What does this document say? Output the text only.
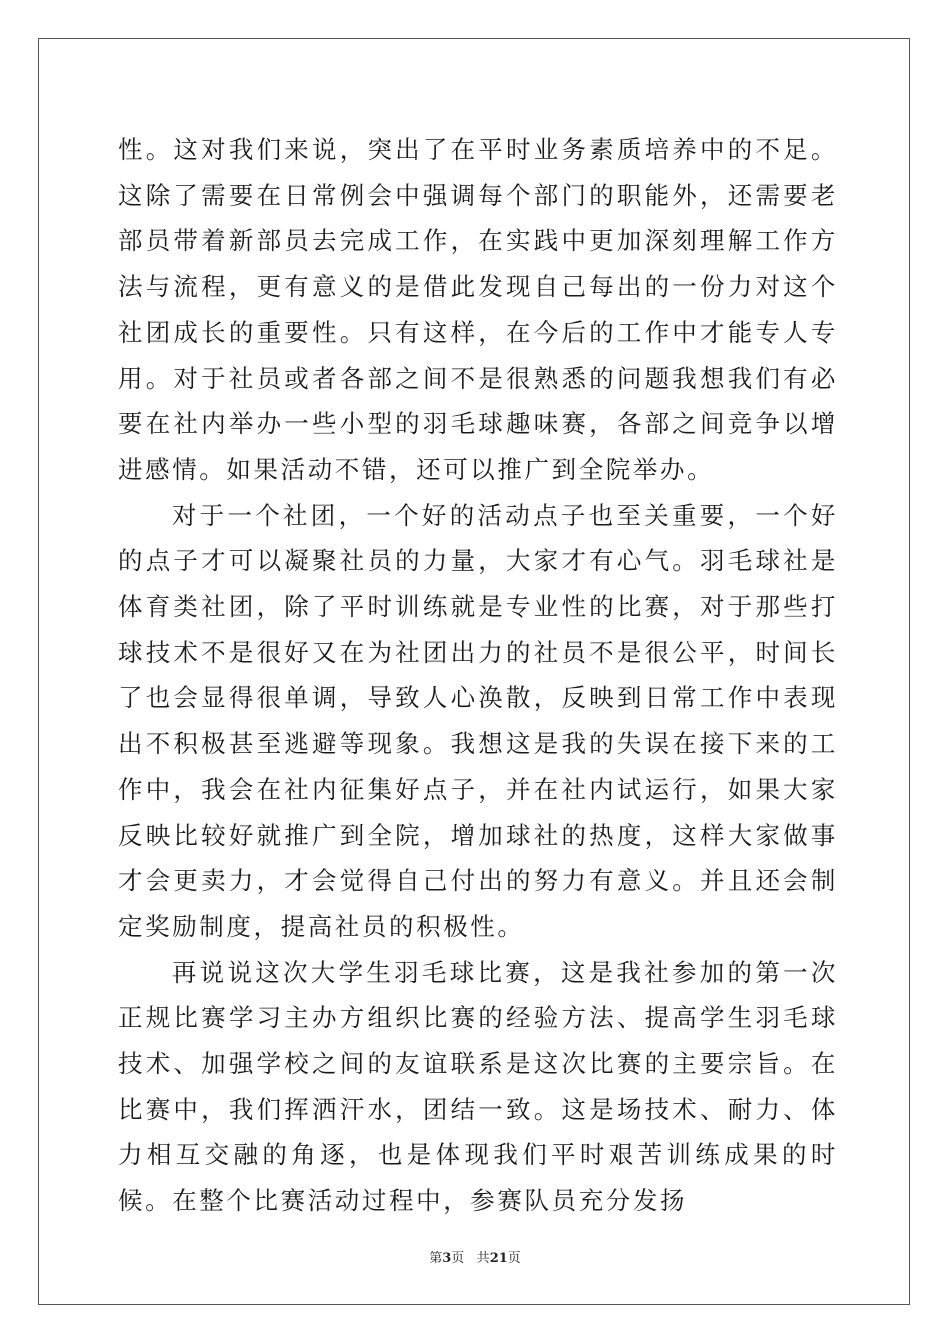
性。这对我们来说，突出了在平时业务素质培养中的不足。这除了需要在日常例会中强调每个部门的职能外，还需要老部员带着新部员去完成工作，在实践中更加深刻理解工作方法与流程，更有意义的是借此发现自己每出的一份力对这个社团成长的重要性。只有这样，在今后的工作中才能专人专用。对于社员或者各部之间不是很熟悉的问题我想我们有必要在社内举办一些小型的羽毛球趣味赛，各部之间竞争以增进感情。如果活动不错，还可以推广到全院举办。

对于一个社团，一个好的活动点子也至关重要，一个好的点子才可以凝聚社员的力量，大家才有心气。羽毛球社是体育类社团，除了平时训练就是专业性的比赛，对于那些打球技术不是很好又在为社团出力的社员不是很公平，时间长了也会显得很单调，导致人心涣散，反映到日常工作中表现出不积极甚至逃避等现象。我想这是我的失误在接下来的工作中，我会在社内征集好点子，并在社内试运行，如果大家反映比较好就推广到全院，增加球社的热度，这样大家做事才会更卖力，才会觉得自己付出的努力有意义。并且还会制定奖励制度，提高社员的积极性。

再说说这次大学生羽毛球比赛，这是我社参加的第一次正规比赛学习主办方组织比赛的经验方法、提高学生羽毛球技术、加强学校之间的友谊联系是这次比赛的主要宗旨。在比赛中，我们挥洒汗水，团结一致。这是场技术、耐力、体力相互交融的角逐，也是体现我们平时艰苦训练成果的时候。在整个比赛活动过程中，参赛队员充分发扬

第3页 共21页
